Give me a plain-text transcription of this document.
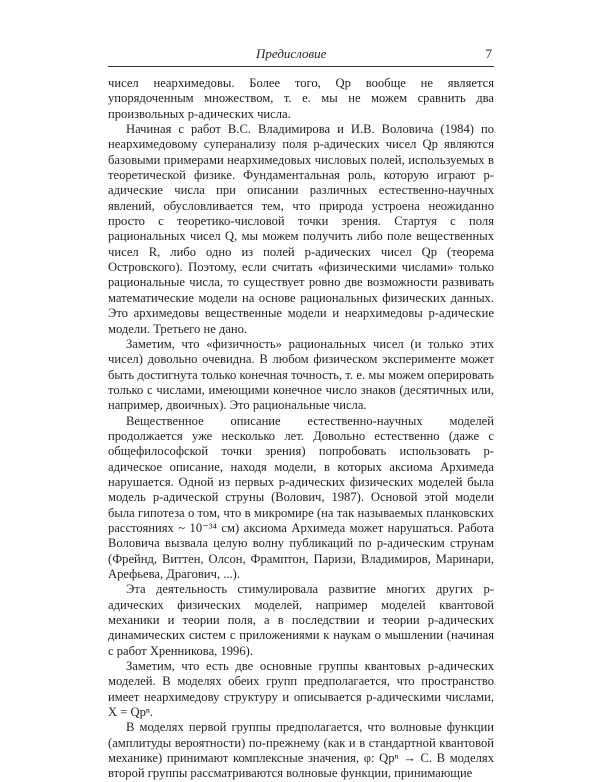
Предисловие	7

чисел неархимедовы. Более того, Qp вообще не является упорядоченным множеством, т. е. мы не можем сравнить два произвольных p-адических числа.

Начиная с работ В.С. Владимирова и И.В. Воловича (1984) по неархимедовому суперанализу поля p-адических чисел Qp являются базовыми примерами неархимедовых числовых полей, используемых в теоретической физике. Фундаментальная роль, которую играют p-адические числа при описании различных естественно-научных явлений, обусловливается тем, что природа устроена неожиданно просто с теоретико-числовой точки зрения. Стартуя с поля рациональных чисел Q, мы можем получить либо поле вещественных чисел R, либо одно из полей p-адических чисел Qp (теорема Островского). Поэтому, если считать «физическими числами» только рациональные числа, то существует ровно две возможности развивать математические модели на основе рациональных физических данных. Это архимедовы вещественные модели и неархимедовы p-адические модели. Третьего не дано.

Заметим, что «физичность» рациональных чисел (и только этих чисел) довольно очевидна. В любом физическом эксперименте может быть достигнута только конечная точность, т. е. мы можем оперировать только с числами, имеющими конечное число знаков (десятичных или, например, двоичных). Это рациональные числа.

Вещественное описание естественно-научных моделей продолжается уже несколько лет. Довольно естественно (даже с общефилософской точки зрения) попробовать использовать p-адическое описание, находя модели, в которых аксиома Архимеда нарушается. Одной из первых p-адических физических моделей была модель p-адической струны (Волович, 1987). Основой этой модели была гипотеза о том, что в микромире (на так называемых планковских расстояниях ~ 10⁻³⁴ см) аксиома Архимеда может нарушаться. Работа Воловича вызвала целую волну публикаций по p-адическим струнам (Фрейнд, Виттен, Олсон, Фрамптон, Паризи, Владимиров, Маринари, Арефьева, Драгович, ...).

Эта деятельность стимулировала развитие многих других p-адических физических моделей, например моделей квантовой механики и теории поля, а в последствии и теории p-адических динамических систем с приложениями к наукам о мышлении (начиная с работ Хренникова, 1996).

Заметим, что есть две основные группы квантовых p-адических моделей. В моделях обеих групп предполагается, что пространство имеет неархимедову структуру и описывается p-адическими числами, X = Qpⁿ.

В моделях первой группы предполагается, что волновые функции (амплитуды вероятности) по-прежнему (как и в стандартной квантовой механике) принимают комплексные значения, φ: Qpⁿ → C. В моделях второй группы рассматриваются волновые функции, принимающие
